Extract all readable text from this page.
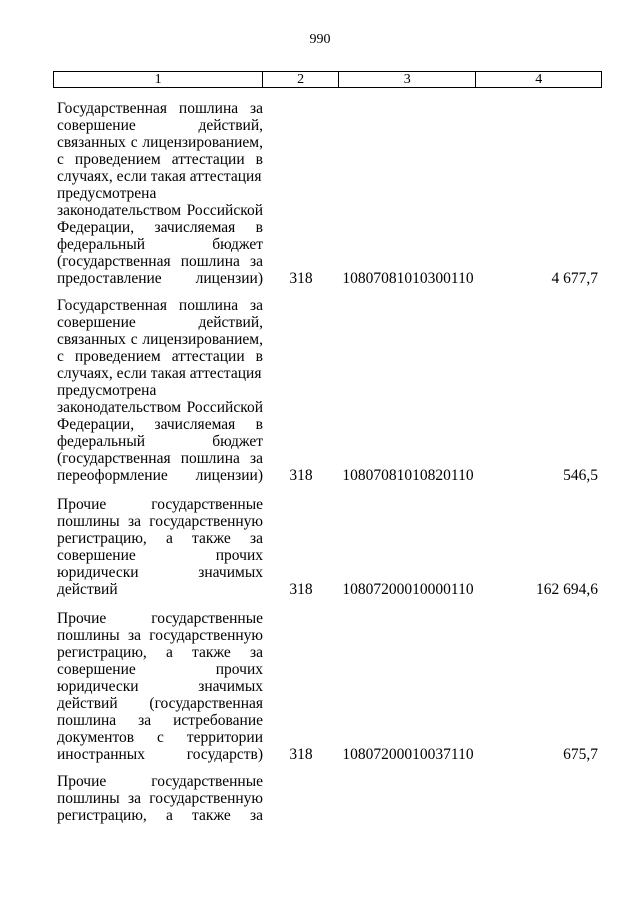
990
1	2	3	4
Государственная пошлина за
совершение действий,
связанных с лицензированием,
с проведением аттестации в
случаях, если такая аттестация
предусмотрена
законодательством Российской
Федерации, зачисляемая в
федеральный бюджет
(государственная пошлина за
предоставление лицензии)	318	10807081010300110	4 677,7
Государственная пошлина за
совершение действий,
связанных с лицензированием,
с проведением аттестации в
случаях, если такая аттестация
предусмотрена
законодательством Российской
Федерации, зачисляемая в
федеральный бюджет
(государственная пошлина за
переоформление лицензии)	318	10807081010820110	546,5
Прочие государственные
пошлины за государственную
регистрацию, а также за
совершение прочих
юридически значимых
действий	318	10807200010000110	162 694,6
Прочие государственные
пошлины за государственную
регистрацию, а также за
совершение прочих
юридически значимых
действий (государственная
пошлина за истребование
документов с территории
иностранных государств)	318	10807200010037110	675,7
Прочие государственные
пошлины за государственную
регистрацию, а также за
